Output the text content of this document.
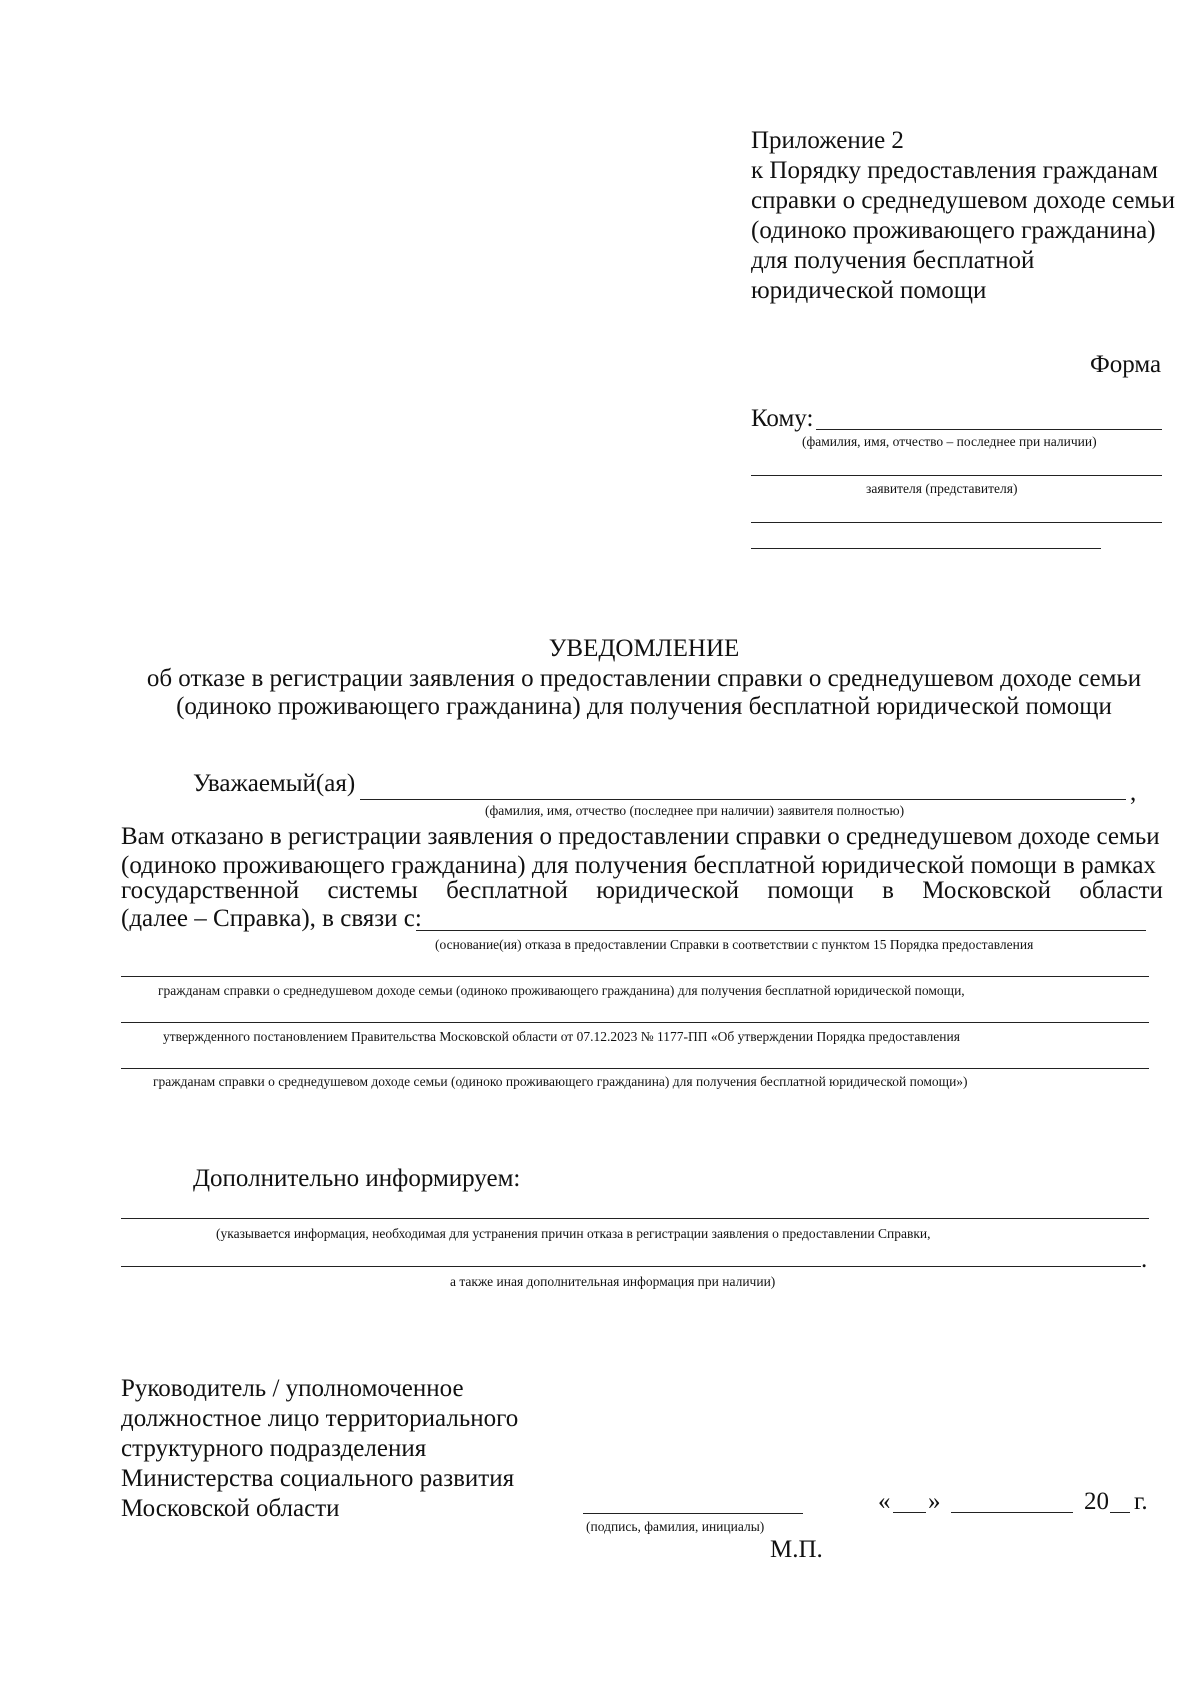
Приложение 2
к Порядку предоставления гражданам
справки о среднедушевом доходе семьи
(одиноко проживающего гражданина)
для получения бесплатной
юридической помощи
Форма
Кому:
(фамилия, имя, отчество – последнее при наличии)
заявителя (представителя)
УВЕДОМЛЕНИЕ
об отказе в регистрации заявления о предоставлении справки о среднедушевом доходе семьи
(одиноко проживающего гражданина) для получения бесплатной юридической помощи
Уважаемый(ая)	,
(фамилия, имя, отчество (последнее при наличии) заявителя полностью)
Вам отказано в регистрации заявления о предоставлении справки о среднедушевом доходе семьи
(одиноко проживающего гражданина) для получения бесплатной юридической помощи в рамках
государственной системы бесплатной юридической помощи в Московской области
(далее – Справка), в связи с:
(основание(ия) отказа в предоставлении Справки в соответствии с пунктом 15 Порядка предоставления
гражданам справки о среднедушевом доходе семьи (одиноко проживающего гражданина) для получения бесплатной юридической помощи,
утвержденного постановлением Правительства Московской области от 07.12.2023 № 1177-ПП «Об утверждении Порядка предоставления
гражданам справки о среднедушевом доходе семьи (одиноко проживающего гражданина) для получения бесплатной юридической помощи»)
Дополнительно информируем:
(указывается информация, необходимая для устранения причин отказа в регистрации заявления о предоставлении Справки,
.
а также иная дополнительная информация при наличии)
Руководитель / уполномоченное
должностное лицо территориального
структурного подразделения
Министерства социального развития
Московской области
(подпись, фамилия, инициалы)
М.П.
« »	20 г.
